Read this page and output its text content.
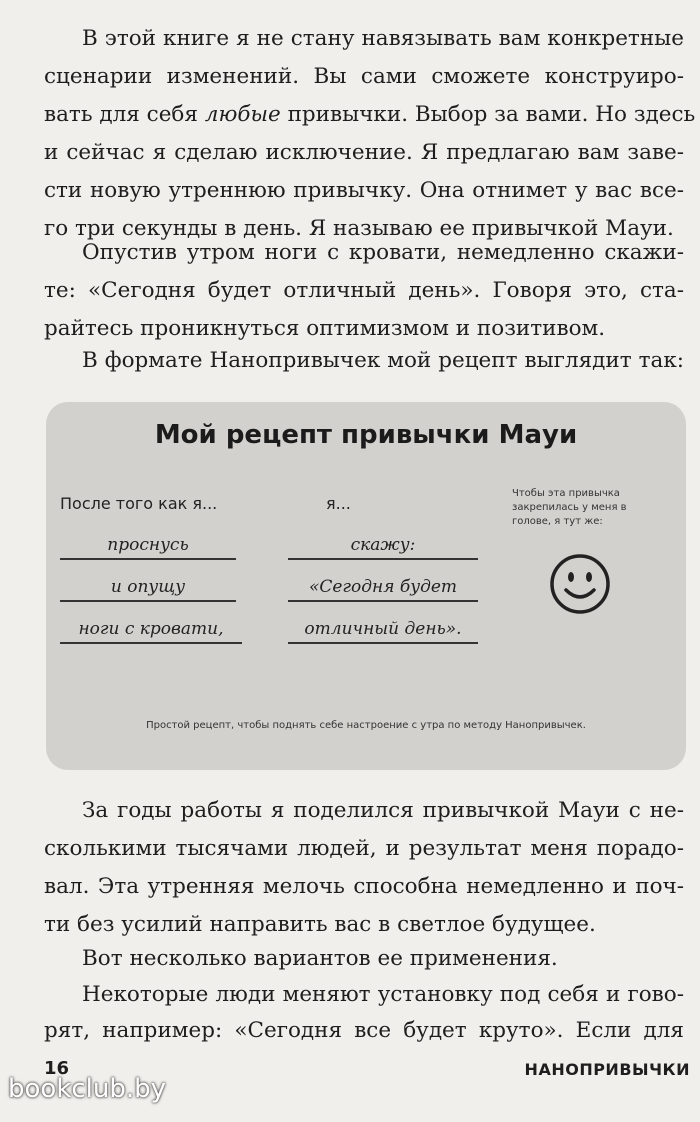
В этой книге я не стану навязывать вам конкретные
сценарии изменений. Вы сами сможете конструиро-
вать для себя любые привычки. Выбор за вами. Но здесь
и сейчас я сделаю исключение. Я предлагаю вам заве-
сти новую утреннюю привычку. Она отнимет у вас все-
го три секунды в день. Я называю ее привычкой Мауи.
Опустив утром ноги с кровати, немедленно скажи-
те: «Сегодня будет отличный день». Говоря это, ста-
райтесь проникнуться оптимизмом и позитивом.
В формате Нанопривычек мой рецепт выглядит так:
Мой рецепт привычки Мауи
После того как я...	я...
проснусь
и опущу
ноги с кровати,
скажу:
«Сегодня будет
отличный день».
Чтобы эта привычка закрепилась у меня в голове, я тут же:
Простой рецепт, чтобы поднять себе настроение с утра по методу Нанопривычек.
За годы работы я поделился привычкой Мауи с не-
сколькими тысячами людей, и результат меня порадо-
вал. Эта утренняя мелочь способна немедленно и поч-
ти без усилий направить вас в светлое будущее.
Вот несколько вариантов ее применения.
Некоторые люди меняют установку под себя и гово-
рят, например: «Сегодня все будет круто». Если для
16	НАНОПРИВЫЧКИ
bookclub.by
